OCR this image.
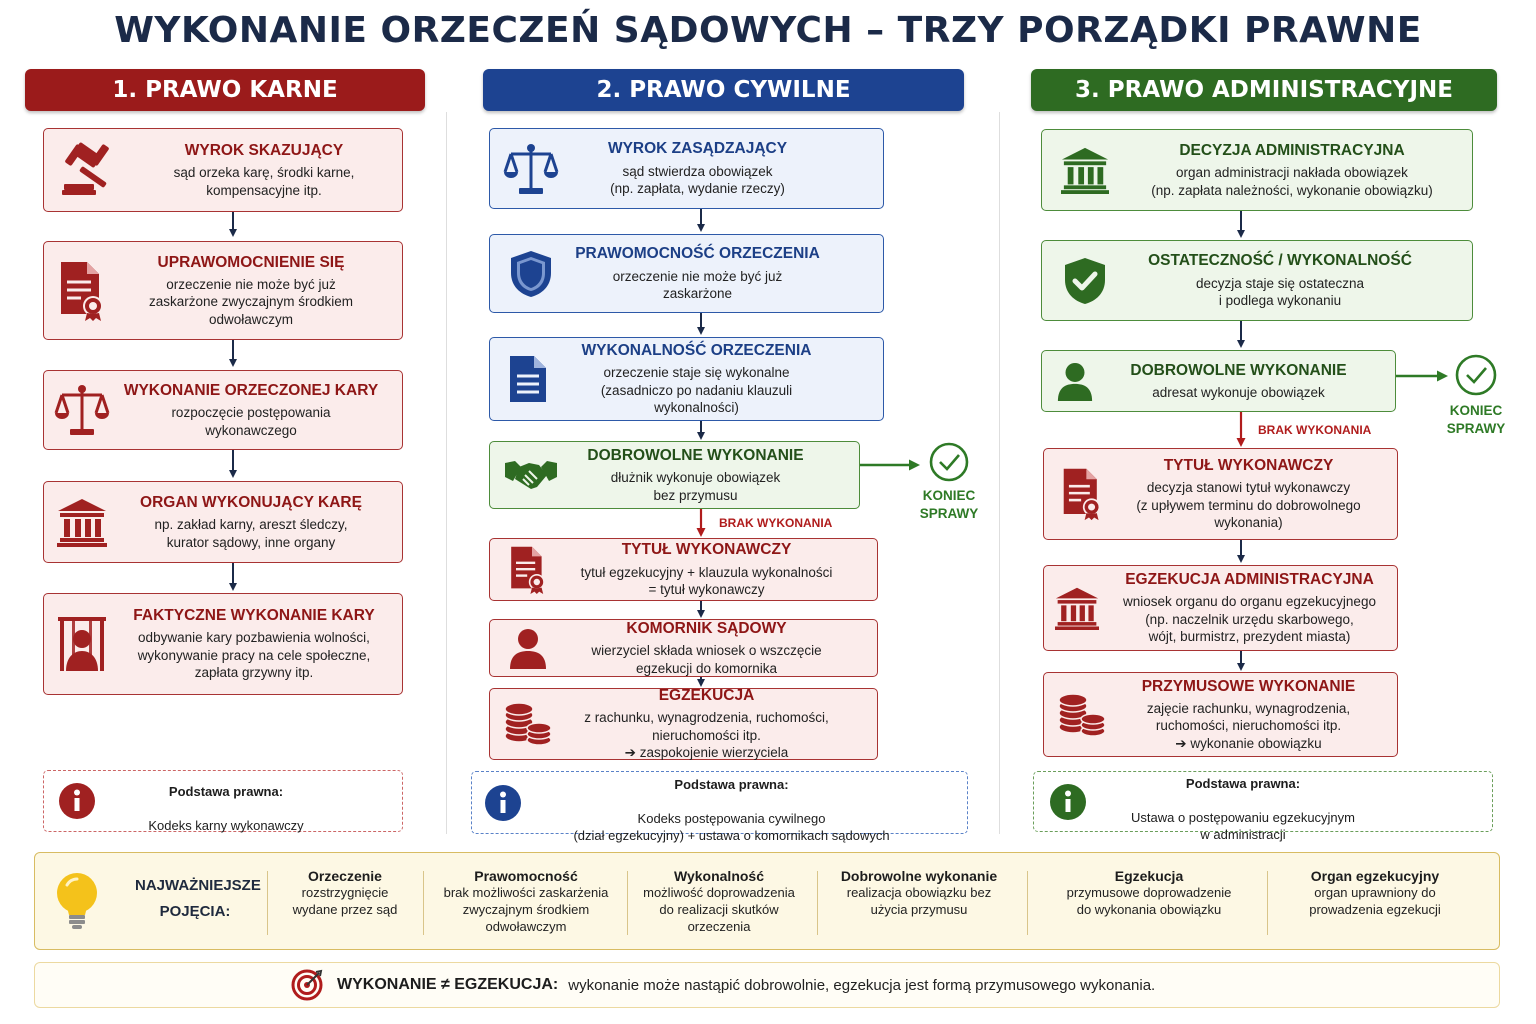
WYKONANIE ORZECZEŃ SĄDOWYCH – TRZY PORZĄDKI PRAWNE
1. PRAWO KARNE	2. PRAWO CYWILNE	3. PRAWO ADMINISTRACYJNE
KONIEC
SPRAWY
KONIEC
SPRAWY
BRAK WYKONANIA
BRAK WYKONANIA
WYROK SKAZUJĄCY
sąd orzeka karę, środki karne,
kompensacyjne itp.
UPRAWOMOCNIENIE SIĘ
orzeczenie nie może być już
zaskarżone zwyczajnym środkiem
odwoławczym
WYKONANIE ORZECZONEJ KARY
rozpoczęcie postępowania
wykonawczego
ORGAN WYKONUJĄCY KARĘ
np. zakład karny, areszt śledczy,
kurator sądowy, inne organy
FAKTYCZNE WYKONANIE KARY
odbywanie kary pozbawienia wolności,
wykonywanie pracy na cele społeczne,
zapłata grzywny itp.

Podstawa prawna:

Kodeks karny wykonawczy

WYROK ZASĄDZAJĄCY
sąd stwierdza obowiązek
(np. zapłata, wydanie rzeczy)
PRAWOMOCNOŚĆ ORZECZENIA
orzeczenie nie może być już
zaskarżone
WYKONALNOŚĆ ORZECZENIA
orzeczenie staje się wykonalne
(zasadniczo po nadaniu klauzuli
wykonalności)
DOBROWOLNE WYKONANIE
dłużnik wykonuje obowiązek
bez przymusu
TYTUŁ WYKONAWCZY
tytuł egzekucyjny + klauzula wykonalności
= tytuł wykonawczy
KOMORNIK SĄDOWY
wierzyciel składa wniosek o wszczęcie
egzekucji do komornika
EGZEKUCJA
z rachunku, wynagrodzenia, ruchomości,
nieruchomości itp.
➔ zaspokojenie wierzyciela

Podstawa prawna:

Kodeks postępowania cywilnego
(dział egzekucyjny) + ustawa o komornikach sądowych

DECYZJA ADMINISTRACYJNA
organ administracji nakłada obowiązek
(np. zapłata należności, wykonanie obowiązku)
OSTATECZNOŚĆ / WYKONALNOŚĆ
decyzja staje się ostateczna
i podlega wykonaniu
DOBROWOLNE WYKONANIE
adresat wykonuje obowiązek
TYTUŁ WYKONAWCZY
decyzja stanowi tytuł wykonawczy
(z upływem terminu do dobrowolnego
wykonania)
EGZEKUCJA ADMINISTRACYJNA
wniosek organu do organu egzekucyjnego
(np. naczelnik urzędu skarbowego,
wójt, burmistrz, prezydent miasta)
PRZYMUSOWE WYKONANIE
zajęcie rachunku, wynagrodzenia,
ruchomości, nieruchomości itp.
➔ wykonanie obowiązku

Podstawa prawna:

Ustawa o postępowaniu egzekucyjnym
w administracji

NAJWAŻNIEJSZE
POJĘCIA:
Orzeczenie
rozstrzygnięcie
wydane przez sąd
Prawomocność
brak możliwości zaskarżenia
zwyczajnym środkiem
odwoławczym
Wykonalność
możliwość doprowadzenia
do realizacji skutków
orzeczenia
Dobrowolne wykonanie
realizacja obowiązku bez
użycia przymusu
Egzekucja
przymusowe doprowadzenie
do wykonania obowiązku
Organ egzekucyjny
organ uprawniony do
prowadzenia egzekucji
WYKONANIE ≠ EGZEKUCJA: wykonanie może nastąpić dobrowolnie, egzekucja jest formą przymusowego wykonania.
